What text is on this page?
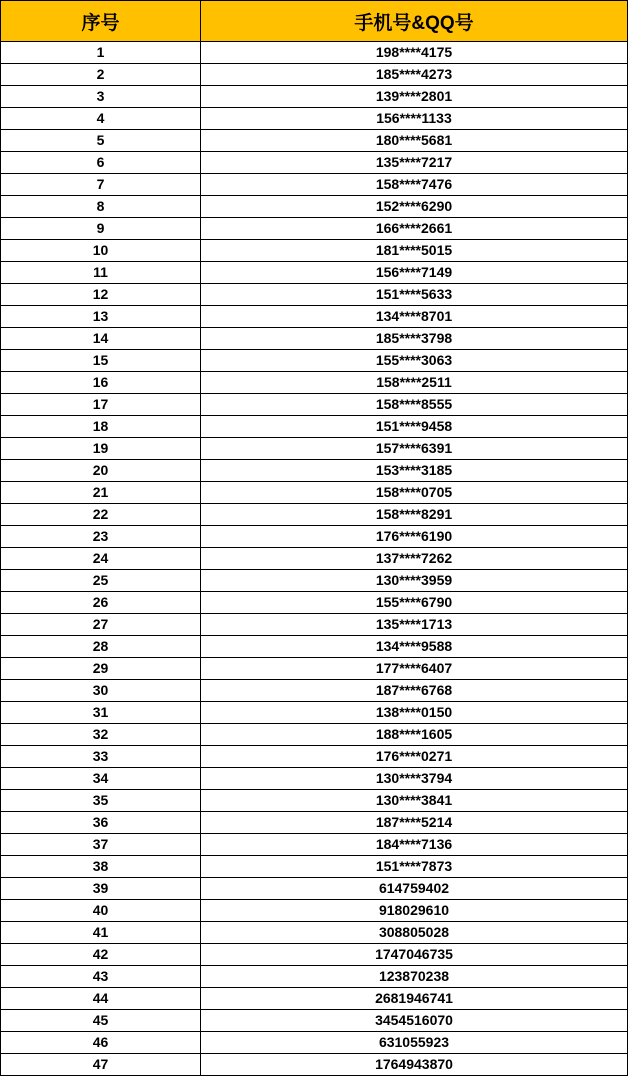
序号	手机号&QQ号
1	198****4175
2	185****4273
3	139****2801
4	156****1133
5	180****5681
6	135****7217
7	158****7476
8	152****6290
9	166****2661
10	181****5015
11	156****7149
12	151****5633
13	134****8701
14	185****3798
15	155****3063
16	158****2511
17	158****8555
18	151****9458
19	157****6391
20	153****3185
21	158****0705
22	158****8291
23	176****6190
24	137****7262
25	130****3959
26	155****6790
27	135****1713
28	134****9588
29	177****6407
30	187****6768
31	138****0150
32	188****1605
33	176****0271
34	130****3794
35	130****3841
36	187****5214
37	184****7136
38	151****7873
39	614759402
40	918029610
41	308805028
42	1747046735
43	123870238
44	2681946741
45	3454516070
46	631055923
47	1764943870
